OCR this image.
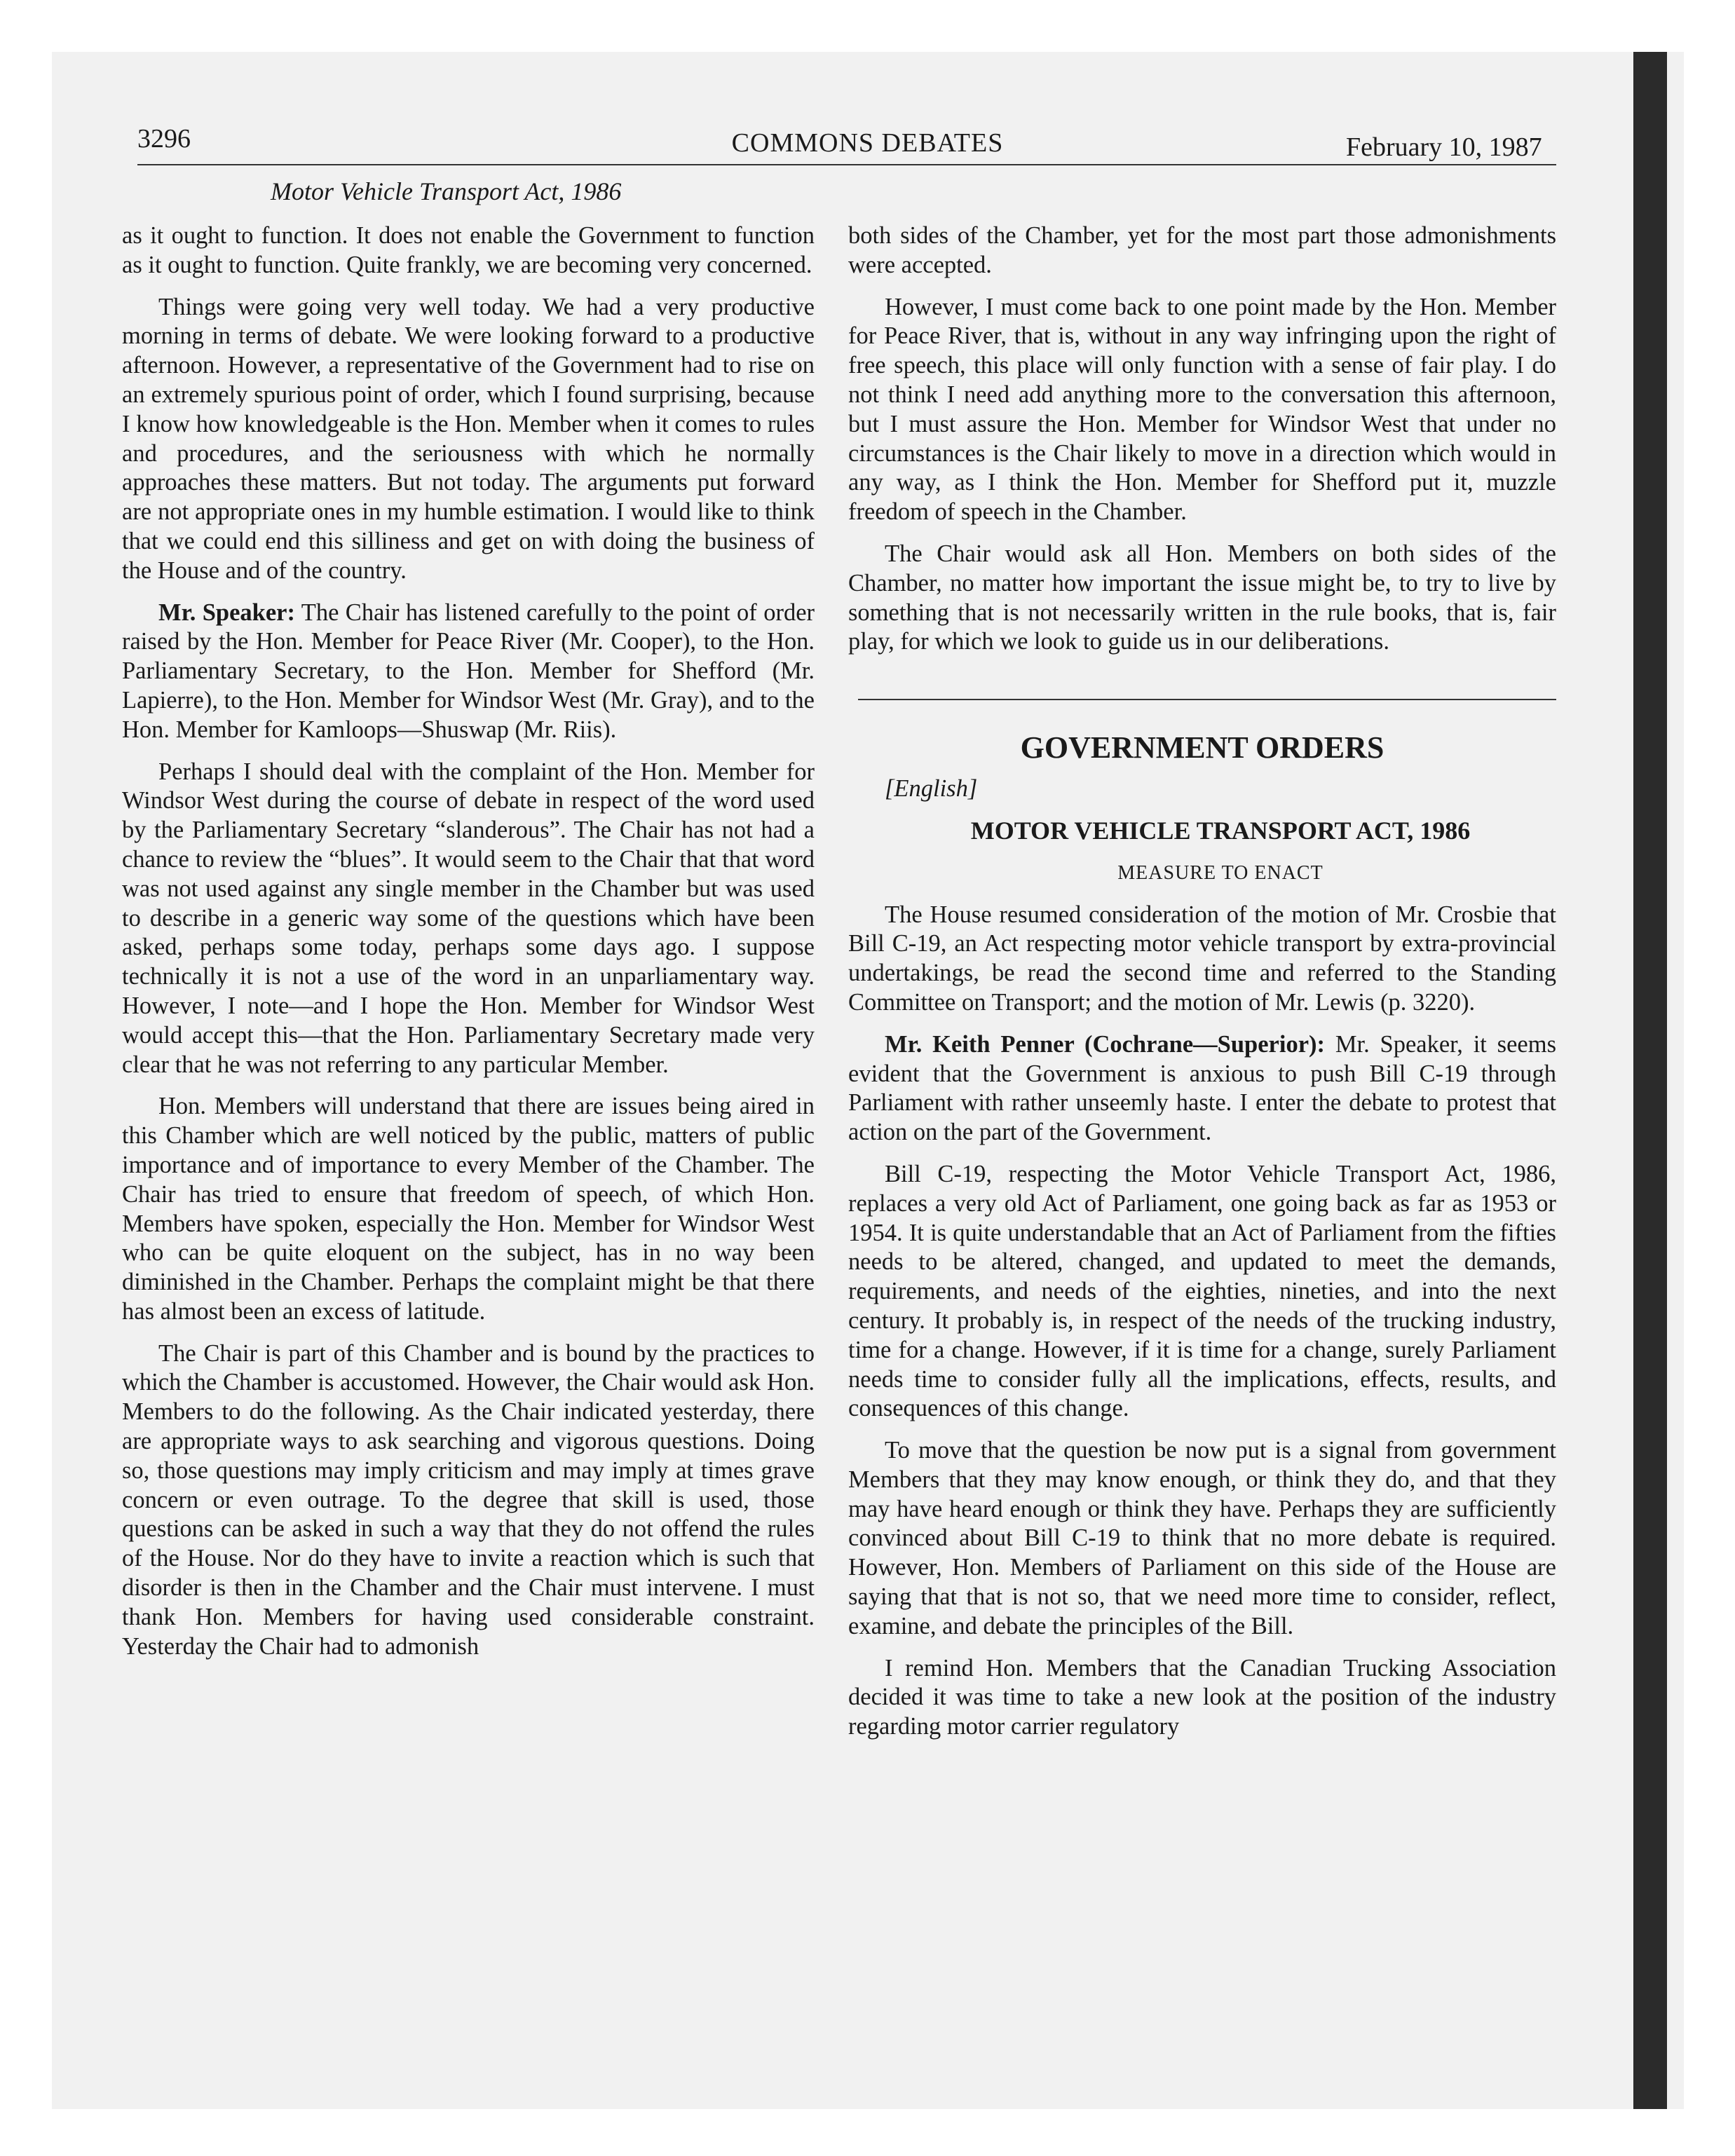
3296	COMMONS DEBATES	February 10, 1987
Motor Vehicle Transport Act, 1986

as it ought to function. It does not enable the Government to function as it ought to function. Quite frankly, we are becoming very concerned.

Things were going very well today. We had a very productive morning in terms of debate. We were looking forward to a productive afternoon. However, a representative of the Government had to rise on an extremely spurious point of order, which I found surprising, because I know how knowledgeable is the Hon. Member when it comes to rules and procedures, and the seriousness with which he normally approaches these matters. But not today. The arguments put forward are not appropriate ones in my humble estimation. I would like to think that we could end this silliness and get on with doing the business of the House and of the country.

Mr. Speaker: The Chair has listened carefully to the point of order raised by the Hon. Member for Peace River (Mr. Cooper), to the Hon. Parliamentary Secretary, to the Hon. Member for Shefford (Mr. Lapierre), to the Hon. Member for Windsor West (Mr. Gray), and to the Hon. Member for Kamloops—Shuswap (Mr. Riis).

Perhaps I should deal with the complaint of the Hon. Member for Windsor West during the course of debate in respect of the word used by the Parliamentary Secretary “slanderous”. The Chair has not had a chance to review the “blues”. It would seem to the Chair that that word was not used against any single member in the Chamber but was used to describe in a generic way some of the questions which have been asked, perhaps some today, perhaps some days ago. I suppose technically it is not a use of the word in an unparliamentary way. However, I note—and I hope the Hon. Member for Windsor West would accept this—that the Hon. Parliamentary Secretary made very clear that he was not referring to any particular Member.

Hon. Members will understand that there are issues being aired in this Chamber which are well noticed by the public, matters of public importance and of importance to every Member of the Chamber. The Chair has tried to ensure that freedom of speech, of which Hon. Members have spoken, especially the Hon. Member for Windsor West who can be quite eloquent on the subject, has in no way been diminished in the Chamber. Perhaps the complaint might be that there has almost been an excess of latitude.

The Chair is part of this Chamber and is bound by the practices to which the Chamber is accustomed. However, the Chair would ask Hon. Members to do the following. As the Chair indicated yesterday, there are appropriate ways to ask searching and vigorous questions. Doing so, those questions may imply criticism and may imply at times grave concern or even outrage. To the degree that skill is used, those questions can be asked in such a way that they do not offend the rules of the House. Nor do they have to invite a reaction which is such that disorder is then in the Chamber and the Chair must intervene. I must thank Hon. Members for having used considerable constraint. Yesterday the Chair had to admonish

both sides of the Chamber, yet for the most part those admonishments were accepted.

However, I must come back to one point made by the Hon. Member for Peace River, that is, without in any way infringing upon the right of free speech, this place will only function with a sense of fair play. I do not think I need add anything more to the conversation this afternoon, but I must assure the Hon. Member for Windsor West that under no circumstances is the Chair likely to move in a direction which would in any way, as I think the Hon. Member for Shefford put it, muzzle freedom of speech in the Chamber.

The Chair would ask all Hon. Members on both sides of the Chamber, no matter how important the issue might be, to try to live by something that is not necessarily written in the rule books, that is, fair play, for which we look to guide us in our deliberations.

GOVERNMENT ORDERS

[English]

MOTOR VEHICLE TRANSPORT ACT, 1986

MEASURE TO ENACT

The House resumed consideration of the motion of Mr. Crosbie that Bill C-19, an Act respecting motor vehicle transport by extra-provincial undertakings, be read the second time and referred to the Standing Committee on Transport; and the motion of Mr. Lewis (p. 3220).

Mr. Keith Penner (Cochrane—Superior): Mr. Speaker, it seems evident that the Government is anxious to push Bill C-19 through Parliament with rather unseemly haste. I enter the debate to protest that action on the part of the Government.

Bill C-19, respecting the Motor Vehicle Transport Act, 1986, replaces a very old Act of Parliament, one going back as far as 1953 or 1954. It is quite understandable that an Act of Parliament from the fifties needs to be altered, changed, and updated to meet the demands, requirements, and needs of the eighties, nineties, and into the next century. It probably is, in respect of the needs of the trucking industry, time for a change. However, if it is time for a change, surely Parliament needs time to consider fully all the implications, effects, results, and consequences of this change.

To move that the question be now put is a signal from government Members that they may know enough, or think they do, and that they may have heard enough or think they have. Perhaps they are sufficiently convinced about Bill C-19 to think that no more debate is required. However, Hon. Members of Parliament on this side of the House are saying that that is not so, that we need more time to consider, reflect, examine, and debate the principles of the Bill.

I remind Hon. Members that the Canadian Trucking Association decided it was time to take a new look at the position of the industry regarding motor carrier regulatory
